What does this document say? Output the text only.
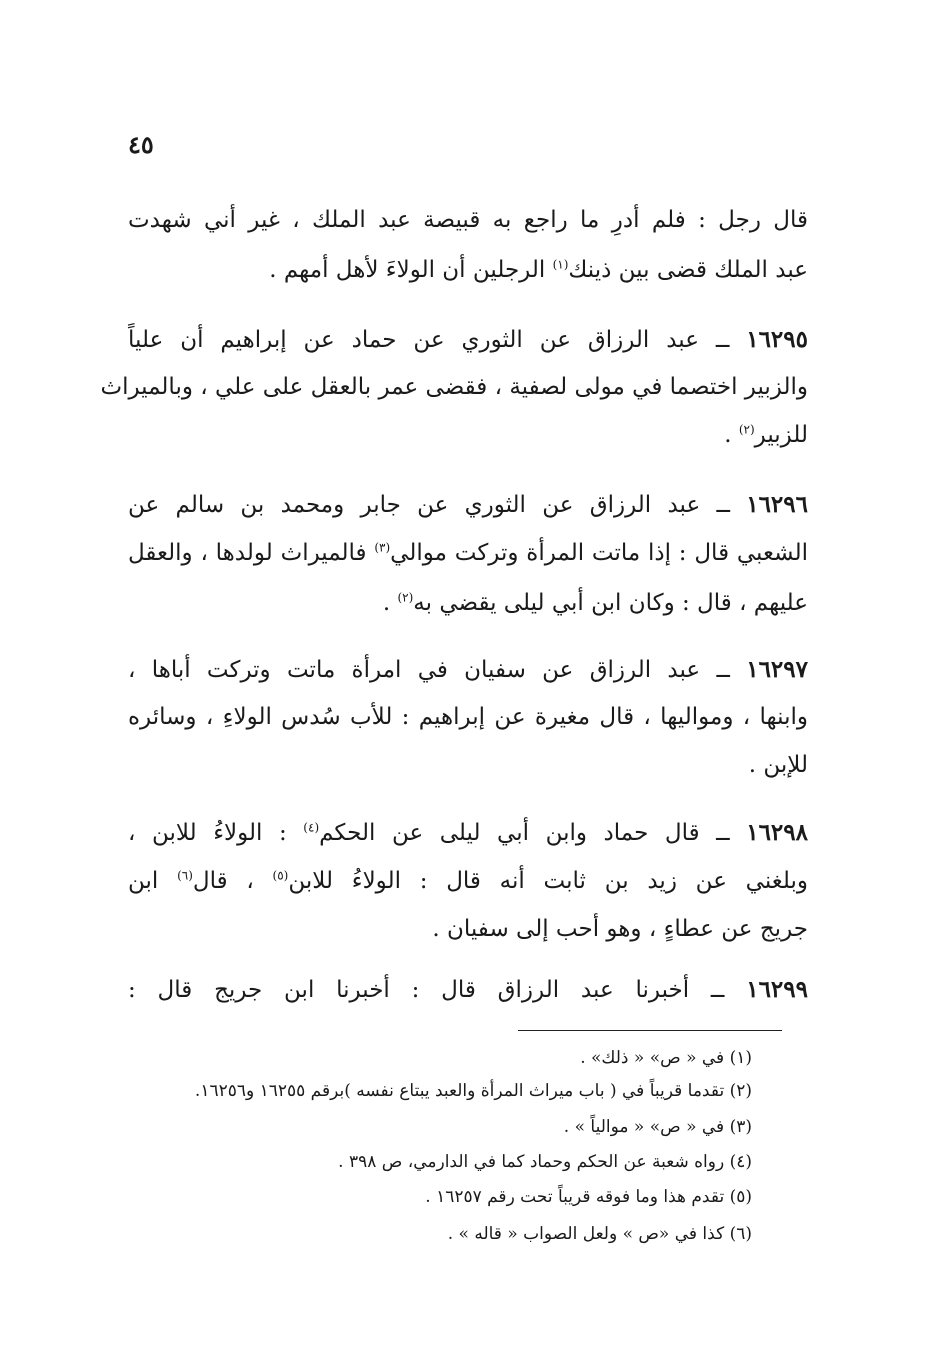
٤٥
قال رجل : فلم أدرِ ما راجع به قبيصة عبد الملك ، غير أني شهدت
عبد الملك قضى بين ذينك$^{(١)}$ الرجلين أن الولاءَ لأهل أمهم .
١٦٢٩٥ ــ عبد الرزاق عن الثوري عن حماد عن إبراهيم أن علياً
والزبير اختصما في مولى لصفية ، فقضى عمر بالعقل على علي ، وبالميراث
للزبير$^{(٢)}$ .
١٦٢٩٦ ــ عبد الرزاق عن الثوري عن جابر ومحمد بن سالم عن
الشعبي قال : إذا ماتت المرأة وتركت موالي$^{(٣)}$ فالميراث لولدها ، والعقل
عليهم ، قال : وكان ابن أبي ليلى يقضي به$^{(٢)}$ .
١٦٢٩٧ ــ عبد الرزاق عن سفيان في امرأة ماتت وتركت أباها ،
وابنها ، ومواليها ، قال مغيرة عن إبراهيم : للأب سُدس الولاءِ ، وسائره
للإبن .
١٦٢٩٨ ــ قال حماد وابن أبي ليلى عن الحكم$^{(٤)}$ : الولاءُ للابن ،
وبلغني عن زيد بن ثابت أنه قال : الولاءُ للابن$^{(٥)}$ ، قال$^{(٦)}$ ابن
جريج عن عطاءٍ ، وهو أحب إلى سفيان .
١٦٢٩٩ ــ أخبرنا عبد الرزاق قال : أخبرنا ابن جريج قال :
(١) في « ص» « ذلك» .
(٢) تقدما قريباً في ( باب ميراث المرأة والعبد يبتاع نفسه )برقم ١٦٢٥٥ و١٦٢٥٦.
(٣) في « ص» « موالياً » .
(٤) رواه شعبة عن الحكم وحماد كما في الدارمي، ص ٣٩٨ .
(٥) تقدم هذا وما فوقه قريباً تحت رقم ١٦٢٥٧ .
(٦) كذا في «ص » ولعل الصواب « قاله » .
